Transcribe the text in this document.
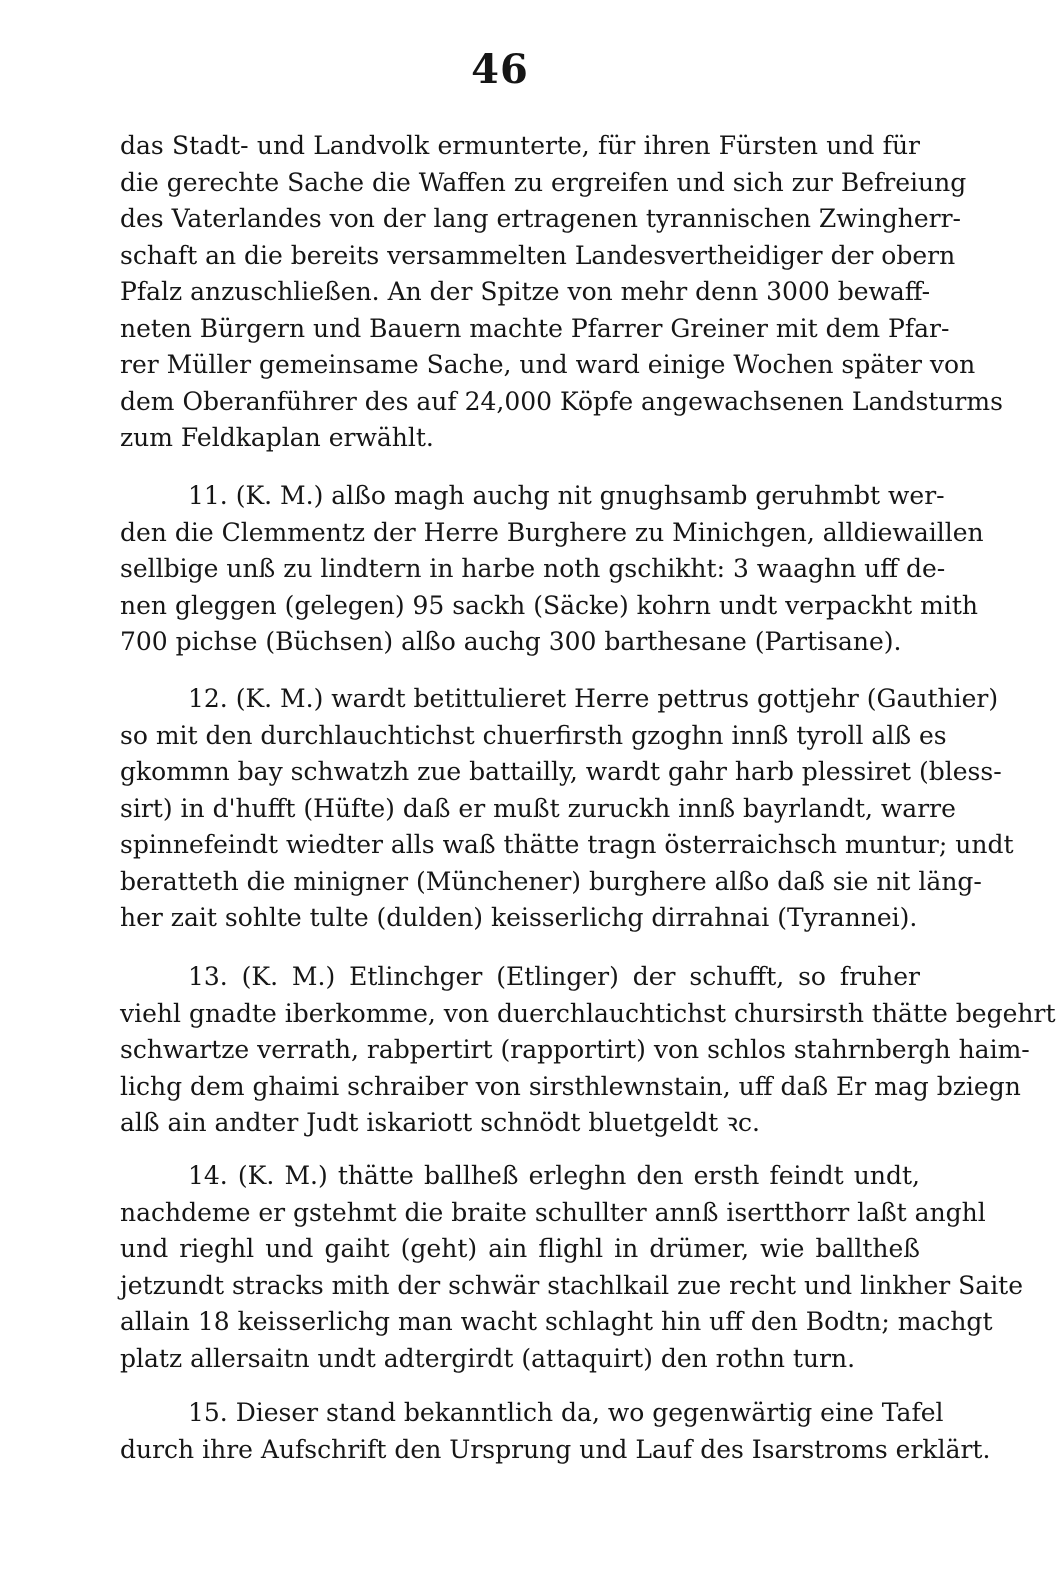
46
das Stadt- und Landvolk ermunterte, für ihren Fürsten und für
die gerechte Sache die Waffen zu ergreifen und sich zur Befreiung
des Vaterlandes von der lang ertragenen tyrannischen Zwingherr-
schaft an die bereits versammelten Landesvertheidiger der obern
Pfalz anzuschließen. An der Spitze von mehr denn 3000 bewaff-
neten Bürgern und Bauern machte Pfarrer Greiner mit dem Pfar-
rer Müller gemeinsame Sache, und ward einige Wochen später von
dem Oberanführer des auf 24,000 Köpfe angewachsenen Landsturms
zum Feldkaplan erwählt.
11. (K. M.) alßo magh auchg nit gnughsamb geruhmbt wer-
den die Clemmentz der Herre Burghere zu Minichgen, alldiewaillen
sellbige unß zu lindtern in harbe noth gschikht: 3 waaghn uff de-
nen gleggen (gelegen) 95 sackh (Säcke) kohrn undt verpackht mith
700 pichse (Büchsen) alßo auchg 300 barthesane (Partisane).
12. (K. M.) wardt betittulieret Herre pettrus gottjehr (Gauthier)
so mit den durchlauchtichst chuerfirsth gzoghn innß tyroll alß es
gkommn bay schwatzh zue battailly, wardt gahr harb plessiret (bless-
sirt) in d'hufft (Hüfte) daß er mußt zuruckh innß bayrlandt, warre
spinnefeindt wiedter alls waß thätte tragn österraichsch muntur; undt
beratteth die minigner (Münchener) burghere alßo daß sie nit läng-
her zait sohlte tulte (dulden) keisserlichg dirrahnai (Tyrannei).
13. (K. M.) Etlinchger (Etlinger) der schufft, so fruher
viehl gnadte iberkomme, von duerchlauchtichst chursirsth thätte begehrt
schwartze verrath, rabpertirt (rapportirt) von schlos stahrnbergh haim-
lichg dem ghaimi schraiber von sirsthlewnstain, uff daß Er mag bziegn
alß ain andter Judt iskariott schnödt bluetgeldt ꝛc.
14. (K. M.) thätte ballheß erleghn den ersth feindt undt,
nachdeme er gstehmt die braite schullter annß isertthorr laßt anghl
und rieghl und gaiht (geht) ain flighl in drümer, wie balltheß
jetzundt stracks mith der schwär stachlkail zue recht und linkher Saite
allain 18 keisserlichg man wacht schlaght hin uff den Bodtn; machgt
platz allersaitn undt adtergirdt (attaquirt) den rothn turn.
15. Dieser stand bekanntlich da, wo gegenwärtig eine Tafel
durch ihre Aufschrift den Ursprung und Lauf des Isarstroms erklärt.
